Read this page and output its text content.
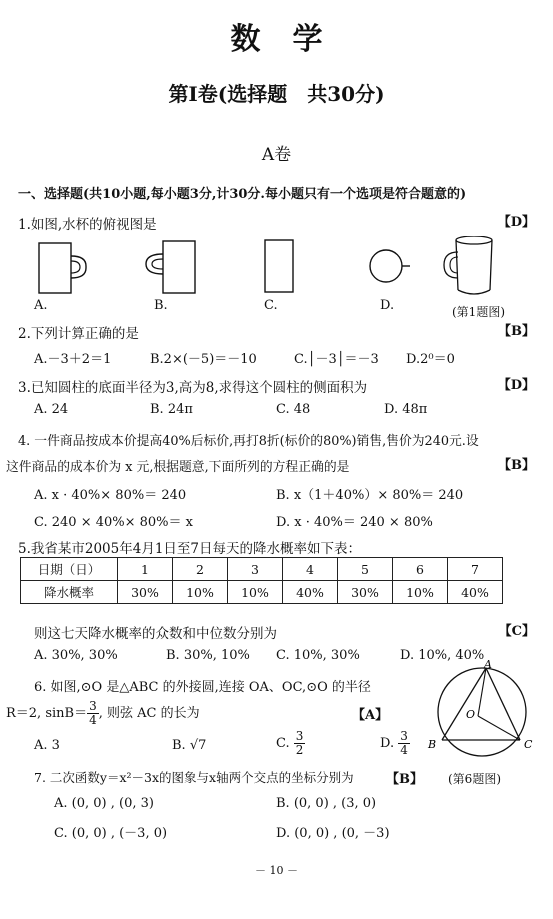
数学
第Ⅰ卷(选择题　共30分)
A卷
一、选择题(共10小题,每小题3分,计30分.每小题只有一个选项是符合题意的)
1.如图,水杯的俯视图是	【D】
A.	B.	C.	D.	(第1题图)
2.下列计算正确的是	【B】
A.－3＋2＝1	B.2×(－5)＝－10	C.│－3│＝－3 D.2⁰＝0
3.已知圆柱的底面半径为3,高为8,求得这个圆柱的侧面积为	【D】
A. 24	B. 24π	C. 48	D. 48π
4. 一件商品按成本价提高40%后标价,再打8折(标价的80%)销售,售价为240元.设
这件商品的成本价为 x 元,根据题意,下面所列的方程正确的是	【B】
A. x · 40%× 80%＝ 240	B. x（1＋40%）× 80%＝ 240
C. 240 × 40%× 80%＝ x	D. x · 40%＝ 240 × 80%
5.我省某市2005年4月1日至7日每天的降水概率如下表：
日期（日）	1	2	3	4	5	6	7
降水概率	30%	10%	10%	40%	30%	10%	40%
则这七天降水概率的众数和中位数分别为	【C】
A. 30%, 30%	B. 30%, 10% C. 10%, 30%	D. 10%, 40%
6. 如图,⊙O 是△ABC 的外接圆,连接 OA、OC,⊙O 的半径
R＝2, $\sin B= \frac{3}{4}$ , 则弦 AC 的长为	【A】
A. 3	B. √7	C. $\frac{3}{2}$	D. $\frac{3}{4}$
A
O
B	C
(第6题图)
7. 二次函数y＝x²－3x的图象与x轴两个交点的坐标分别为 【B】
A. (0, 0) , (0, 3)	B. (0, 0) , (3, 0)
C. (0, 0) , (－3, 0)	D. (0, 0) , (0, －3)
－ 10 －
